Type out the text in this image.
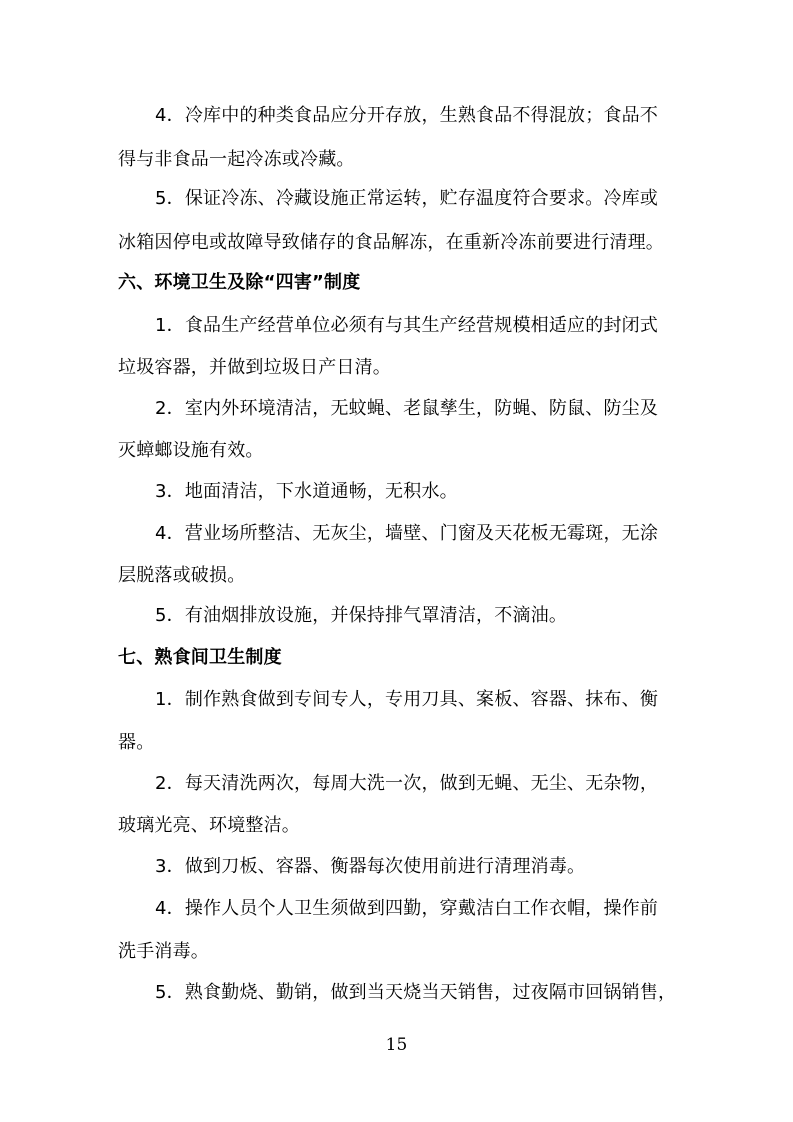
4．冷库中的种类食品应分开存放，生熟食品不得混放；食品不
得与非食品一起冷冻或冷藏。
5．保证冷冻、冷藏设施正常运转，贮存温度符合要求。冷库或
冰箱因停电或故障导致储存的食品解冻，在重新冷冻前要进行清理。
六、环境卫生及除“四害”制度
1．食品生产经营单位必须有与其生产经营规模相适应的封闭式
垃圾容器，并做到垃圾日产日清。
2．室内外环境清洁，无蚊蝇、老鼠孳生，防蝇、防鼠、防尘及
灭蟑螂设施有效。
3．地面清洁，下水道通畅，无积水。
4．营业场所整洁、无灰尘，墙壁、门窗及天花板无霉斑，无涂
层脱落或破损。
5．有油烟排放设施，并保持排气罩清洁，不滴油。
七、熟食间卫生制度
1．制作熟食做到专间专人，专用刀具、案板、容器、抹布、衡
器。
2．每天清洗两次，每周大洗一次，做到无蝇、无尘、无杂物，
玻璃光亮、环境整洁。
3．做到刀板、容器、衡器每次使用前进行清理消毒。
4．操作人员个人卫生须做到四勤，穿戴洁白工作衣帽，操作前
洗手消毒。
5．熟食勤烧、勤销，做到当天烧当天销售，过夜隔市回锅销售，
15
